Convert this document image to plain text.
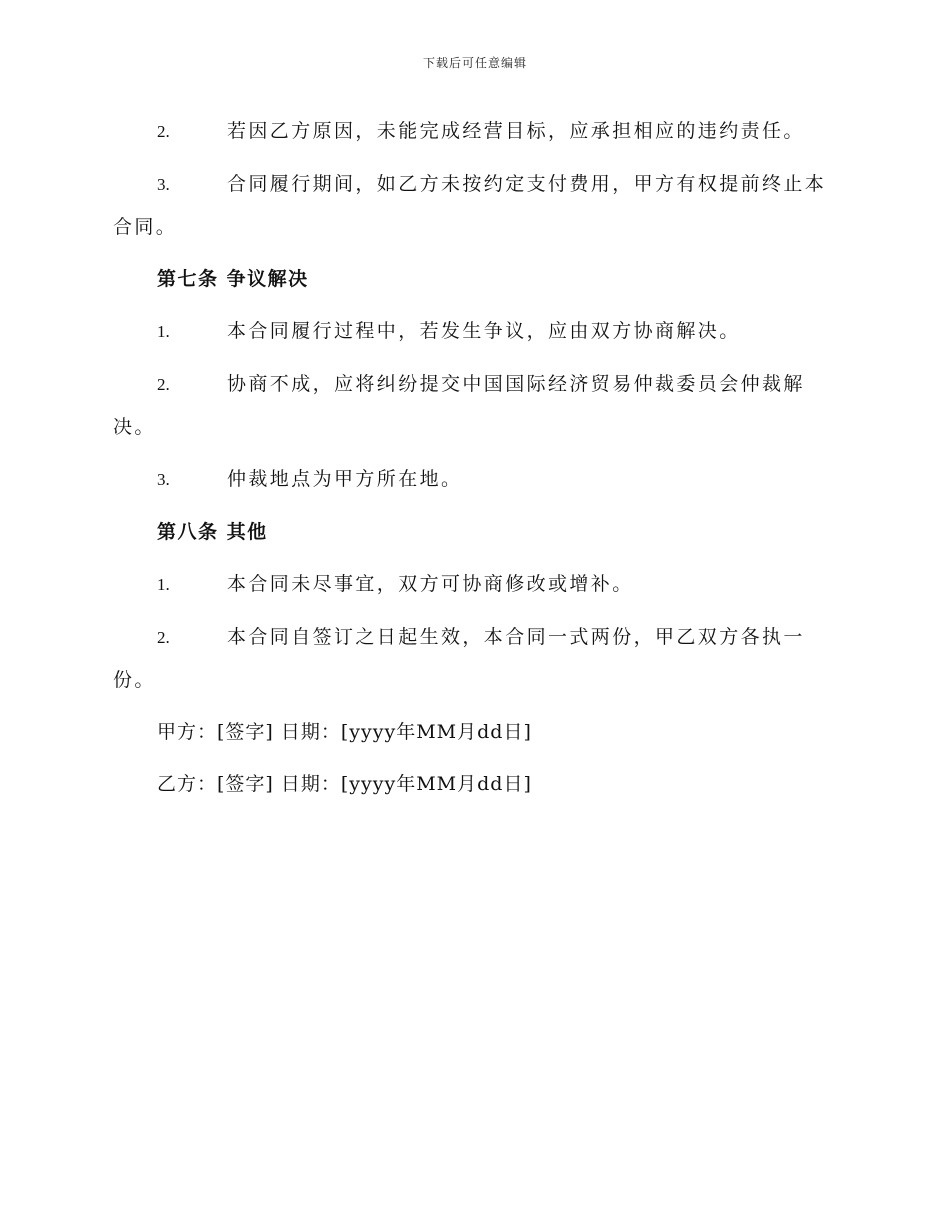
下载后可任意编辑
2.	若因乙方原因，未能完成经营目标，应承担相应的违约责任。
3.	合同履行期间，如乙方未按约定支付费用，甲方有权提前终止本合同。
第七条 争议解决
1.	本合同履行过程中，若发生争议，应由双方协商解决。
2.	协商不成，应将纠纷提交中国国际经济贸易仲裁委员会仲裁解决。
3.	仲裁地点为甲方所在地。
第八条 其他
1.	本合同未尽事宜，双方可协商修改或增补。
2.	本合同自签订之日起生效，本合同一式两份，甲乙双方各执一份。
甲方：[签字] 日期：[yyyy年MM月dd日]
乙方：[签字] 日期：[yyyy年MM月dd日]
